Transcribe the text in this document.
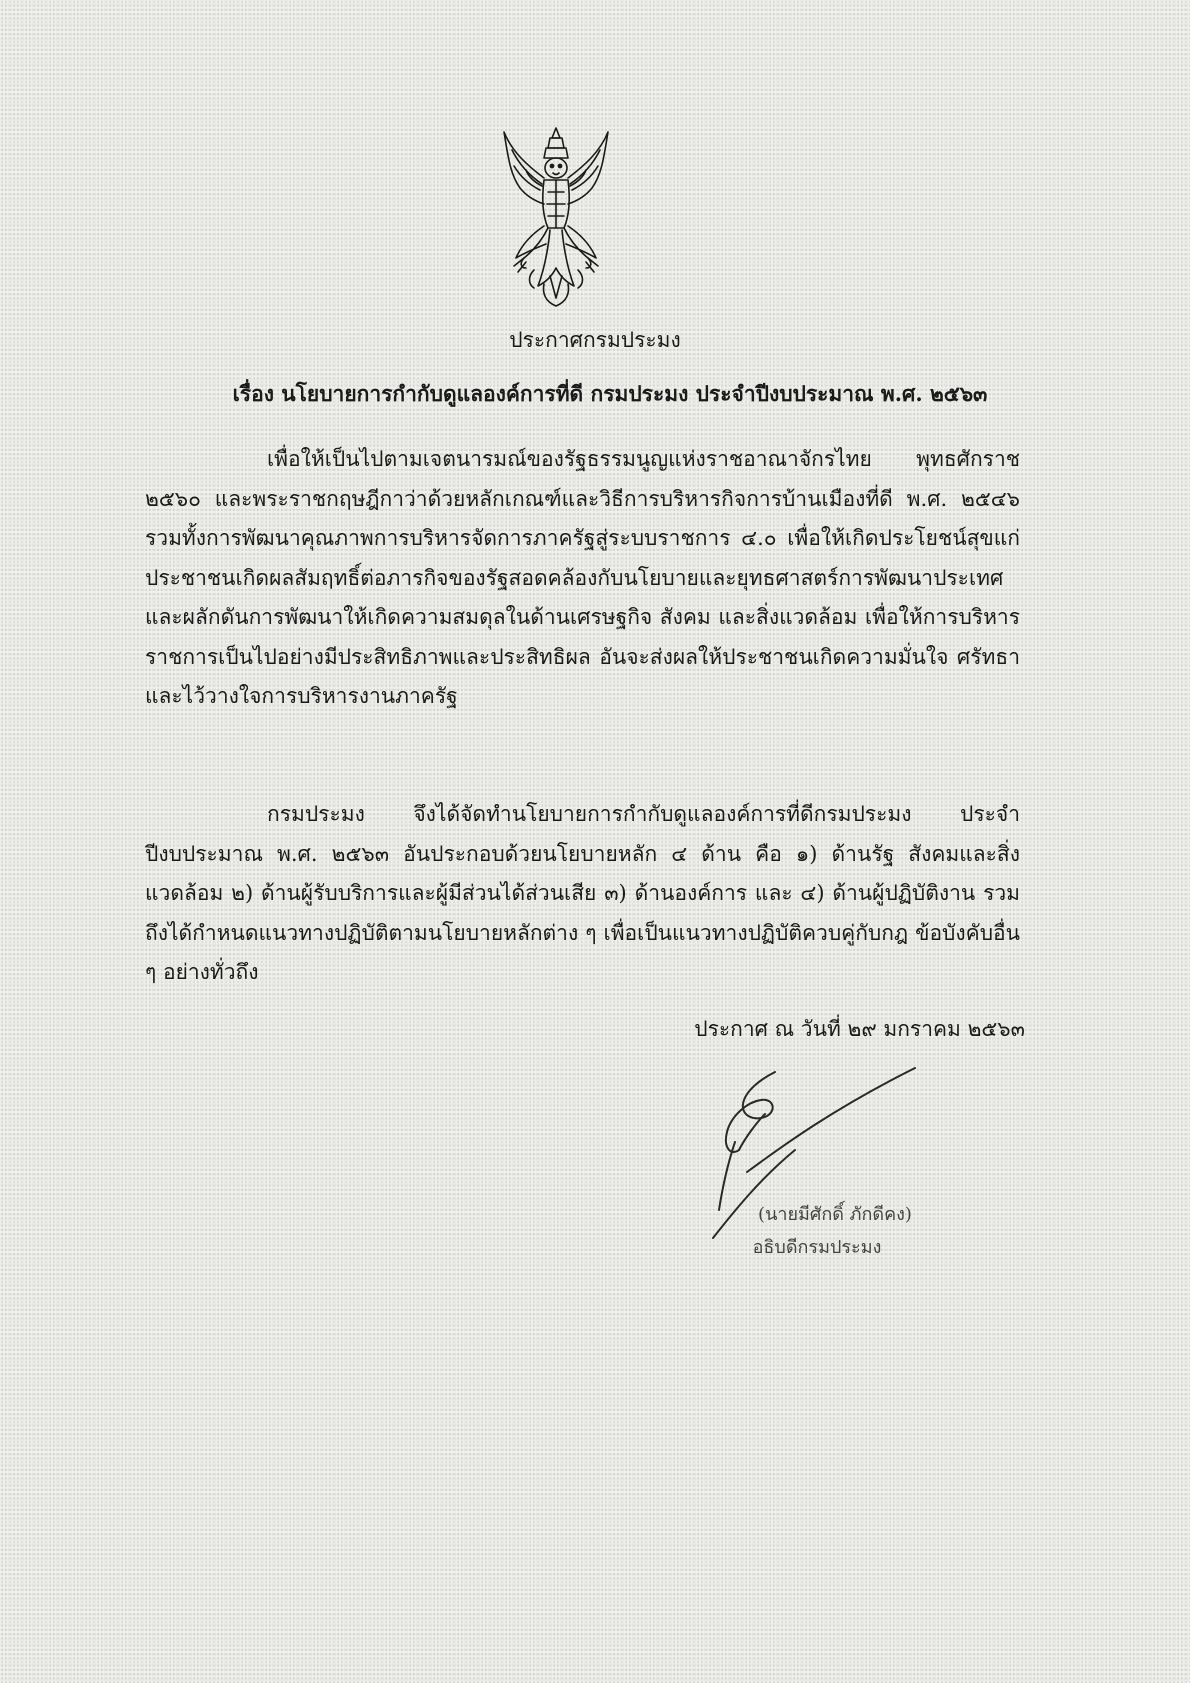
ประกาศกรมประมง
เรื่อง นโยบายการกำกับดูแลองค์การที่ดี กรมประมง ประจำปีงบประมาณ พ.ศ. ๒๕๖๓

เพื่อให้เป็นไปตามเจตนารมณ์ของรัฐธรรมนูญแห่งราชอาณาจักรไทย พุทธศักราช ๒๕๖๐ และพระราชกฤษฎีกาว่าด้วยหลักเกณฑ์และวิธีการบริหารกิจการบ้านเมืองที่ดี พ.ศ. ๒๕๔๖ รวมทั้งการพัฒนาคุณภาพการบริหารจัดการภาครัฐสู่ระบบราชการ ๔.๐ เพื่อให้เกิดประโยชน์สุขแก่ประชาชนเกิดผลสัมฤทธิ์ต่อภารกิจของรัฐสอดคล้องกับนโยบายและยุทธศาสตร์การพัฒนาประเทศ และผลักดันการพัฒนาให้เกิดความสมดุลในด้านเศรษฐกิจ สังคม และสิ่งแวดล้อม เพื่อให้การบริหารราชการเป็นไปอย่างมีประสิทธิภาพและประสิทธิผล อันจะส่งผลให้ประชาชนเกิดความมั่นใจ ศรัทธา และไว้วางใจการบริหารงานภาครัฐ

กรมประมง จึงได้จัดทำนโยบายการกำกับดูแลองค์การที่ดีกรมประมง ประจำปีงบประมาณ พ.ศ. ๒๕๖๓ อันประกอบด้วยนโยบายหลัก ๔ ด้าน คือ ๑) ด้านรัฐ สังคมและสิ่งแวดล้อม ๒) ด้านผู้รับบริการและผู้มีส่วนได้ส่วนเสีย ๓) ด้านองค์การ และ ๔) ด้านผู้ปฏิบัติงาน รวมถึงได้กำหนดแนวทางปฏิบัติตามนโยบายหลักต่าง ๆ เพื่อเป็นแนวทางปฏิบัติควบคู่กับกฎ ข้อบังคับอื่น ๆ อย่างทั่วถึง

ประกาศ ณ วันที่ ๒๙ มกราคม ๒๕๖๓
(นายมีศักดิ์ ภักดีคง)
อธิบดีกรมประมง
